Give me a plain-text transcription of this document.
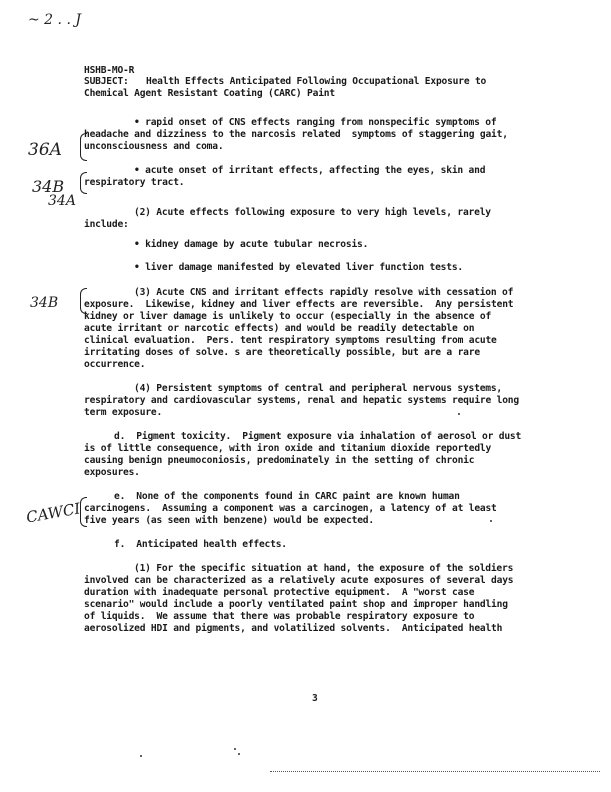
~ 2 . . J
HSHB-MO-R
SUBJECT: Health Effects Anticipated Following Occupational Exposure to
Chemical Agent Resistant Coating (CARC) Paint
36A
34B
34A
34B
CAWCI
• rapid onset of CNS effects ranging from nonspecific symptoms of
headache and dizziness to the narcosis related  symptoms of staggering gait,
unconsciousness and coma.
• acute onset of irritant effects, affecting the eyes, skin and
respiratory tract.
(2) Acute effects following exposure to very high levels, rarely
include:
• kidney damage by acute tubular necrosis.
• liver damage manifested by elevated liver function tests.
(3) Acute CNS and irritant effects rapidly resolve with cessation of
exposure.  Likewise, kidney and liver effects are reversible.  Any persistent
kidney or liver damage is unlikely to occur (especially in the absence of
acute irritant or narcotic effects) and would be readily detectable on
clinical evaluation.  Pers. tent respiratory symptoms resulting from acute
irritating doses of solve. s are theoretically possible, but are a rare
occurrence.
(4) Persistent symptoms of central and peripheral nervous systems,
respiratory and cardiovascular systems, renal and hepatic systems require long
term exposure.
d.  Pigment toxicity.  Pigment exposure via inhalation of aerosol or dust
is of little consequence, with iron oxide and titanium dioxide reportedly
causing benign pneumoconiosis, predominately in the setting of chronic
exposures.
e.  None of the components found in CARC paint are known human
carcinogens.  Assuming a component was a carcinogen, a latency of at least
five years (as seen with benzene) would be expected.
f.  Anticipated health effects.
(1) For the specific situation at hand, the exposure of the soldiers
involved can be characterized as a relatively acute exposures of several days
duration with inadequate personal protective equipment.  A "worst case
scenario" would include a poorly ventilated paint shop and improper handling
of liquids.  We assume that there was probable respiratory exposure to
aerosolized HDI and pigments, and volatilized solvents.  Anticipated health
3
